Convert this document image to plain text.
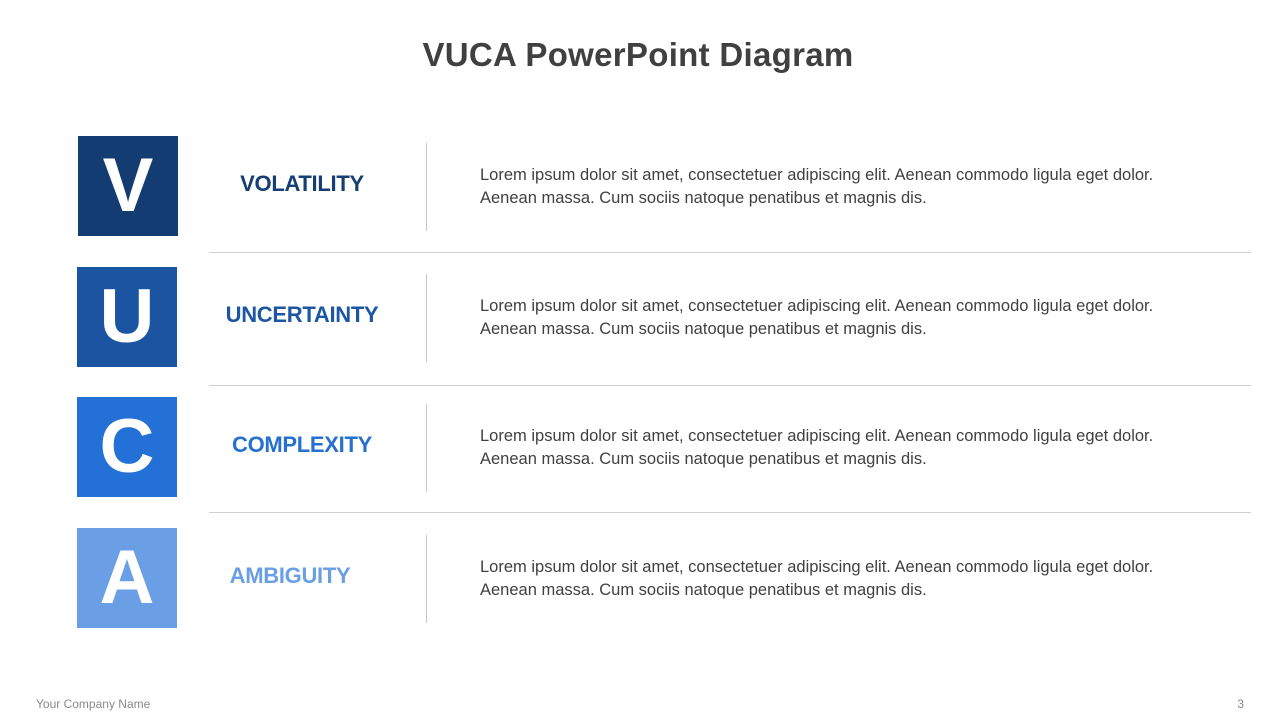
VUCA PowerPoint Diagram
V	VOLATILITY	Lorem ipsum dolor sit amet, consectetuer adipiscing elit. Aenean commodo ligula eget dolor. Aenean massa. Cum sociis natoque penatibus et magnis dis.
U	UNCERTAINTY	Lorem ipsum dolor sit amet, consectetuer adipiscing elit. Aenean commodo ligula eget dolor. Aenean massa. Cum sociis natoque penatibus et magnis dis.
C	COMPLEXITY	Lorem ipsum dolor sit amet, consectetuer adipiscing elit. Aenean commodo ligula eget dolor. Aenean massa. Cum sociis natoque penatibus et magnis dis.
A	AMBIGUITY	Lorem ipsum dolor sit amet, consectetuer adipiscing elit. Aenean commodo ligula eget dolor. Aenean massa. Cum sociis natoque penatibus et magnis dis.
Your Company Name	3
